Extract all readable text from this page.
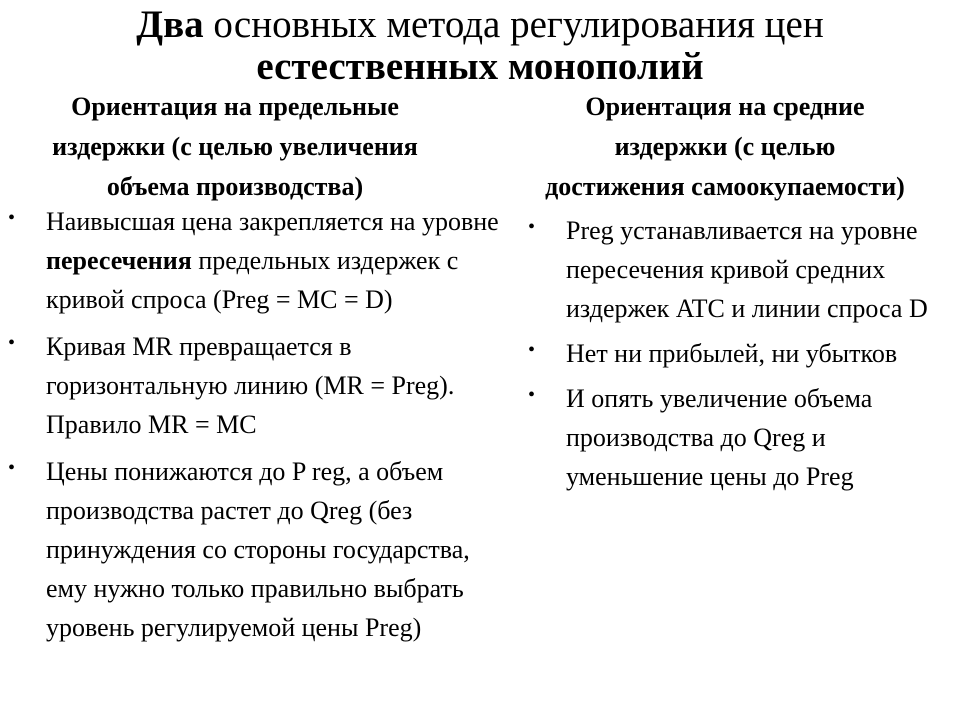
Два основных метода регулирования цен
естественных монополий
Ориентация на предельные
издержки (с целью увеличения
объема производства)
Ориентация на средние
издержки (с целью
достижения самоокупаемости)
• Наивысшая цена закрепляется на уровне пересечения предельных издержек с кривой спроса (Preg = MC = D)
• Кривая MR превращается в горизонтальную линию (MR = Preg). Правило MR = MC
• Цены понижаются до P reg, а объем производства растет до Qreg (без принуждения со стороны государства, ему нужно только правильно выбрать уровень регулируемой цены Preg)
• Preg устанавливается на уровне пересечения кривой средних издержек ATC и линии спроса D
• Нет ни прибылей, ни убытков
• И опять увеличение объема производства до Qreg и уменьшение цены до Preg
